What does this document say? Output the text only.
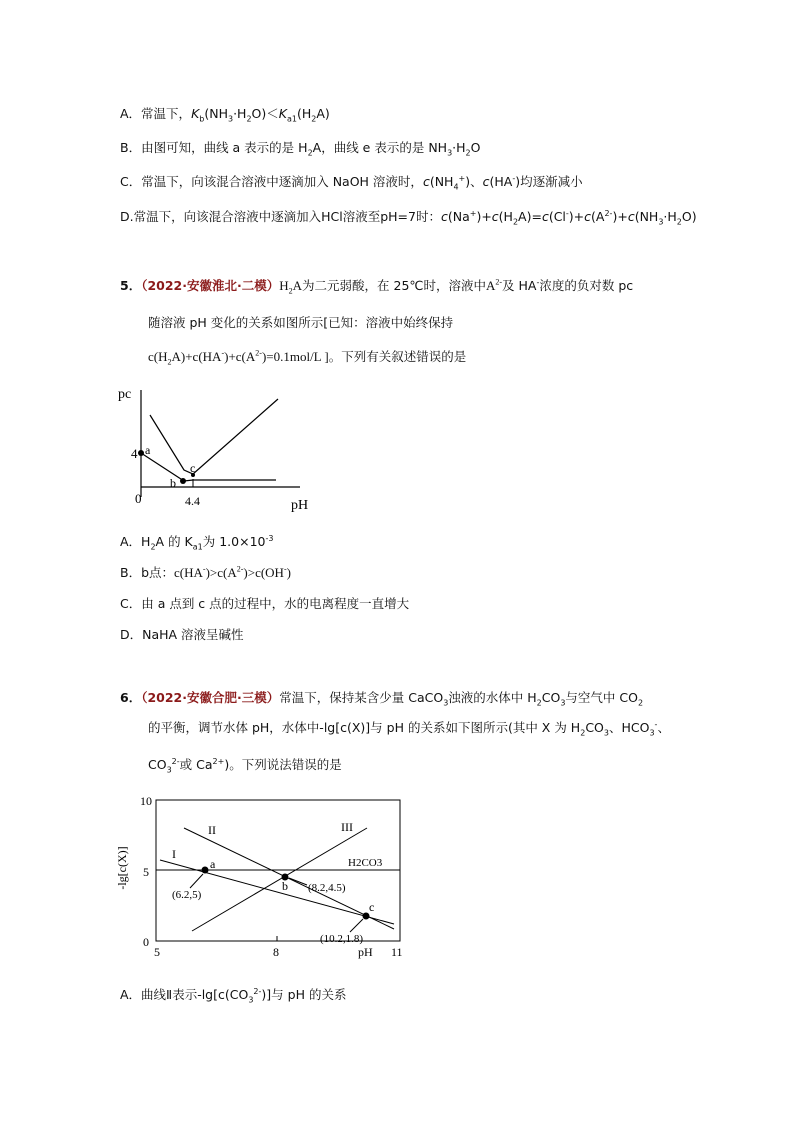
A．常温下，$K_b(NH_3\cdot H_2O)<K_{a1}(H_2A)$
B．由图可知，曲线 a 表示的是 $H_2A$，曲线 e 表示的是 $NH_3\cdot H_2O$
C．常温下，向该混合溶液中逐滴加入 NaOH 溶液时，$c(NH_4^+)$、c(HA-)均逐渐减小
D.常温下，向该混合溶液中逐滴加入HCl溶液至pH=7时：$c(Na^+)+c(H_2A)=c(Cl^-)+c(A^{2-})+c(NH_3\cdot H_2O)$
5．（2022·安徽淮北·二模）$H_2A$为二元弱酸，在 25℃时，溶液中$A^{2-}$及 HA-浓度的负对数 pc
随溶液 pH 变化的关系如图所示[已知：溶液中始终保持
$c(H_2A)+c(HA^-)+c(A^{2-})=0.1mol/L$ ]。下列有关叙述错误的是
pc
pH
4
0	4.4
a
b
c
A．$H_2A$ 的 $K_{a1}$为 $1.0\times 10^{-3}$
B．b点：$c(HA^-)>c(A^{2-})>c(OH^-)$
C．由 a 点到 c 点的过程中，水的电离程度一直增大
D．NaHA 溶液呈碱性
6．（2022·安徽合肥·三模）常温下，保持某含少量 CaCO$_3$浊液的水体中 $H_2CO_3$与空气中 $CO_2$
的平衡，调节水体 pH，水体中-lg[c(X)]与 pH 的关系如下图所示(其中 X 为 $H_2CO_3$、$HCO_3^-$、
$CO_3^{2-}$或 $Ca^{2+}$)。下列说法错误的是
-lg[c(X)]
10
5
0
5	8	11
pH
I
II	III
H2CO3
a
b
c
(6.2,5)
(8.2,4.5)
(10.2,1.8)
A．曲线Ⅱ表示$-\lg[c(CO_3^{2-})]$与 pH 的关系
